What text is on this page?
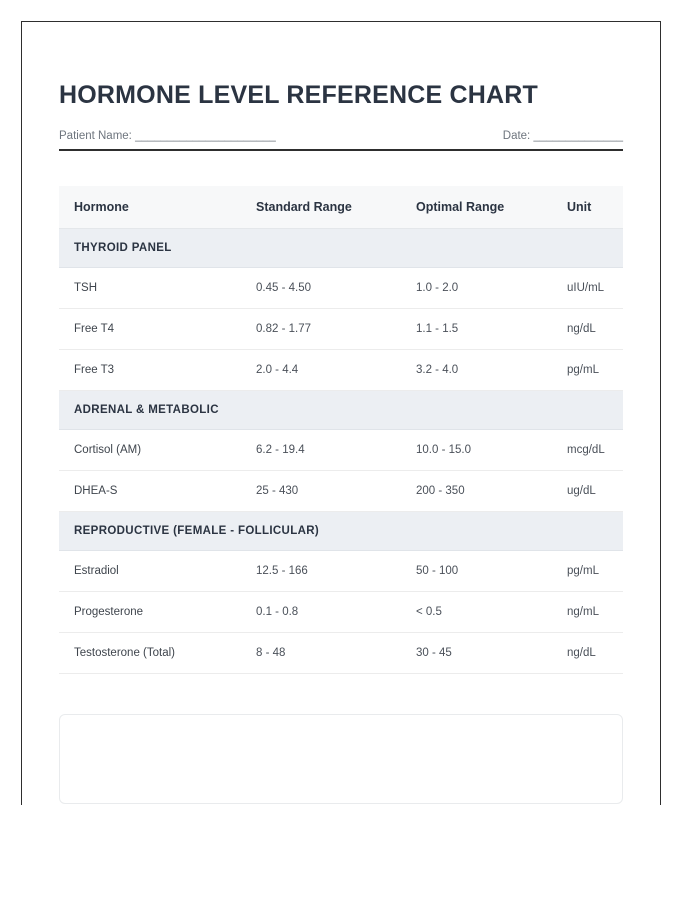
HORMONE LEVEL REFERENCE CHART
Patient Name: ______________________	Date: ______________
Hormone	Standard Range	Optimal Range	Unit
THYROID PANEL			
TSH	0.45 - 4.50	1.0 - 2.0	uIU/mL
Free T4	0.82 - 1.77	1.1 - 1.5	ng/dL
Free T3	2.0 - 4.4	3.2 - 4.0	pg/mL
ADRENAL & METABOLIC			
Cortisol (AM)	6.2 - 19.4	10.0 - 15.0	mcg/dL
DHEA-S	25 - 430	200 - 350	ug/dL
REPRODUCTIVE (FEMALE - FOLLICULAR)			
Estradiol	12.5 - 166	50 - 100	pg/mL
Progesterone	0.1 - 0.8	< 0.5	ng/mL
Testosterone (Total)	8 - 48	30 - 45	ng/dL
